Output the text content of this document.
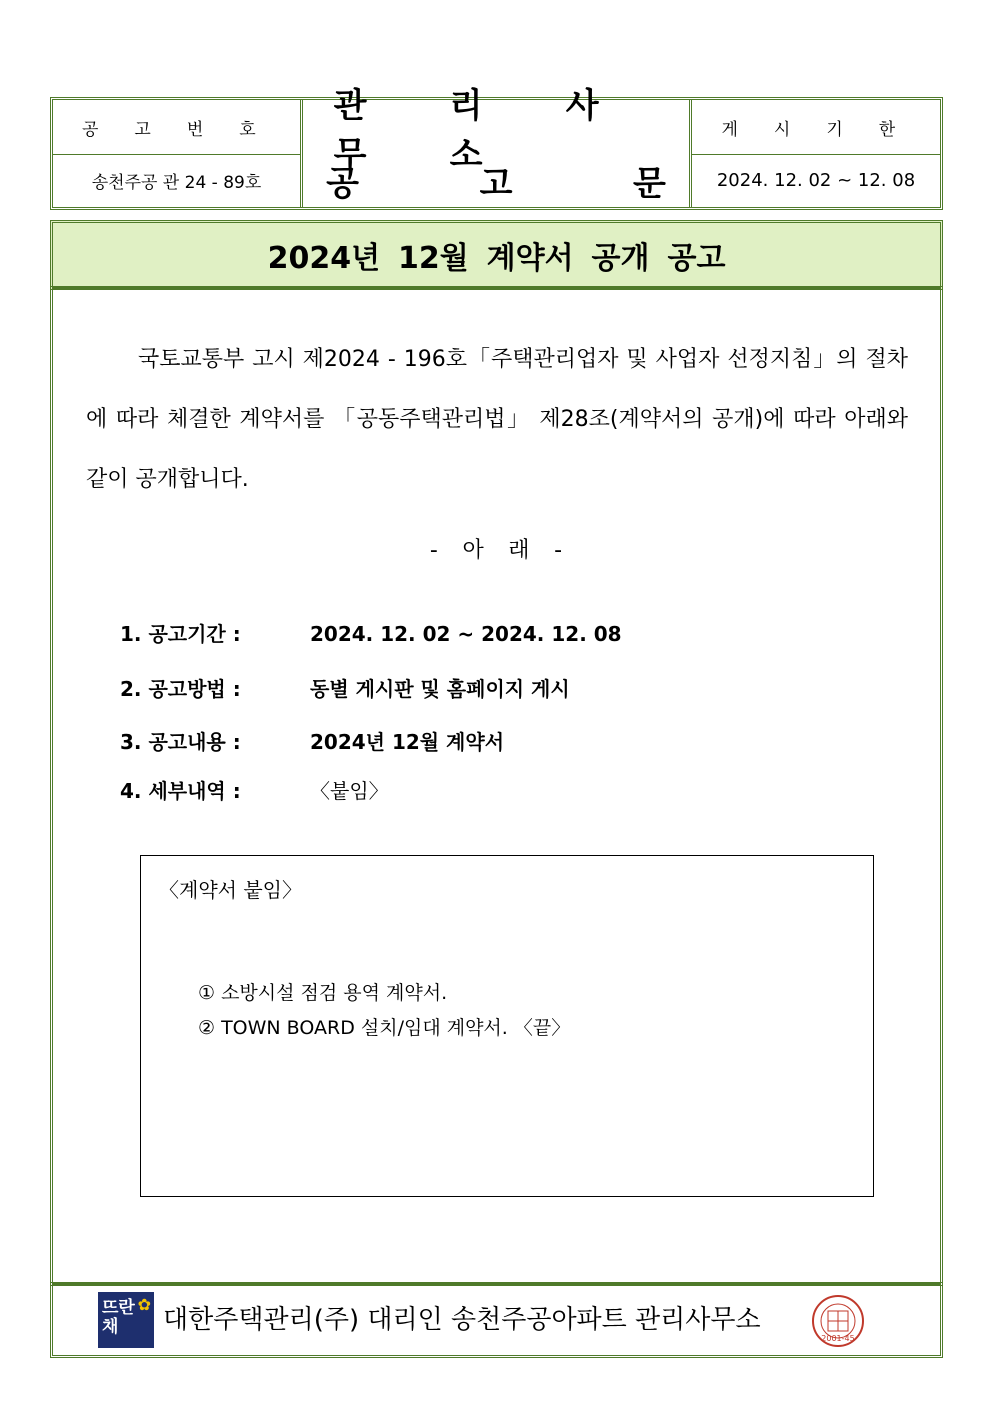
공 고 번 호
송천주공 관 24 - 89호
관 리 사 무 소
공 고 문
게 시 기 한
2024. 12. 02 ~ 12. 08
2024년 12월 계약서 공개 공고
국토교통부 고시 제2024 - 196호「주택관리업자 및 사업자 선정지침」의 절차에 따라 체결한 계약서를 「공동주택관리법」 제28조(계약서의 공개)에 따라 아래와 같이 공개합니다.
- 아 래 -
1. 공고기간 :	2024. 12. 02 ~ 2024. 12. 08
2. 공고방법 :	동별 게시판 및 홈페이지 게시
3. 공고내용 :	2024년 12월 계약서
4. 세부내역 :	〈붙임〉
〈계약서 붙임〉
① 소방시설 점검 용역 계약서.
② TOWN BOARD 설치/임대 계약서. 〈끝〉
뜨란채
✿
대한주택관리(주) 대리인 송천주공아파트 관리사무소
2001-45
